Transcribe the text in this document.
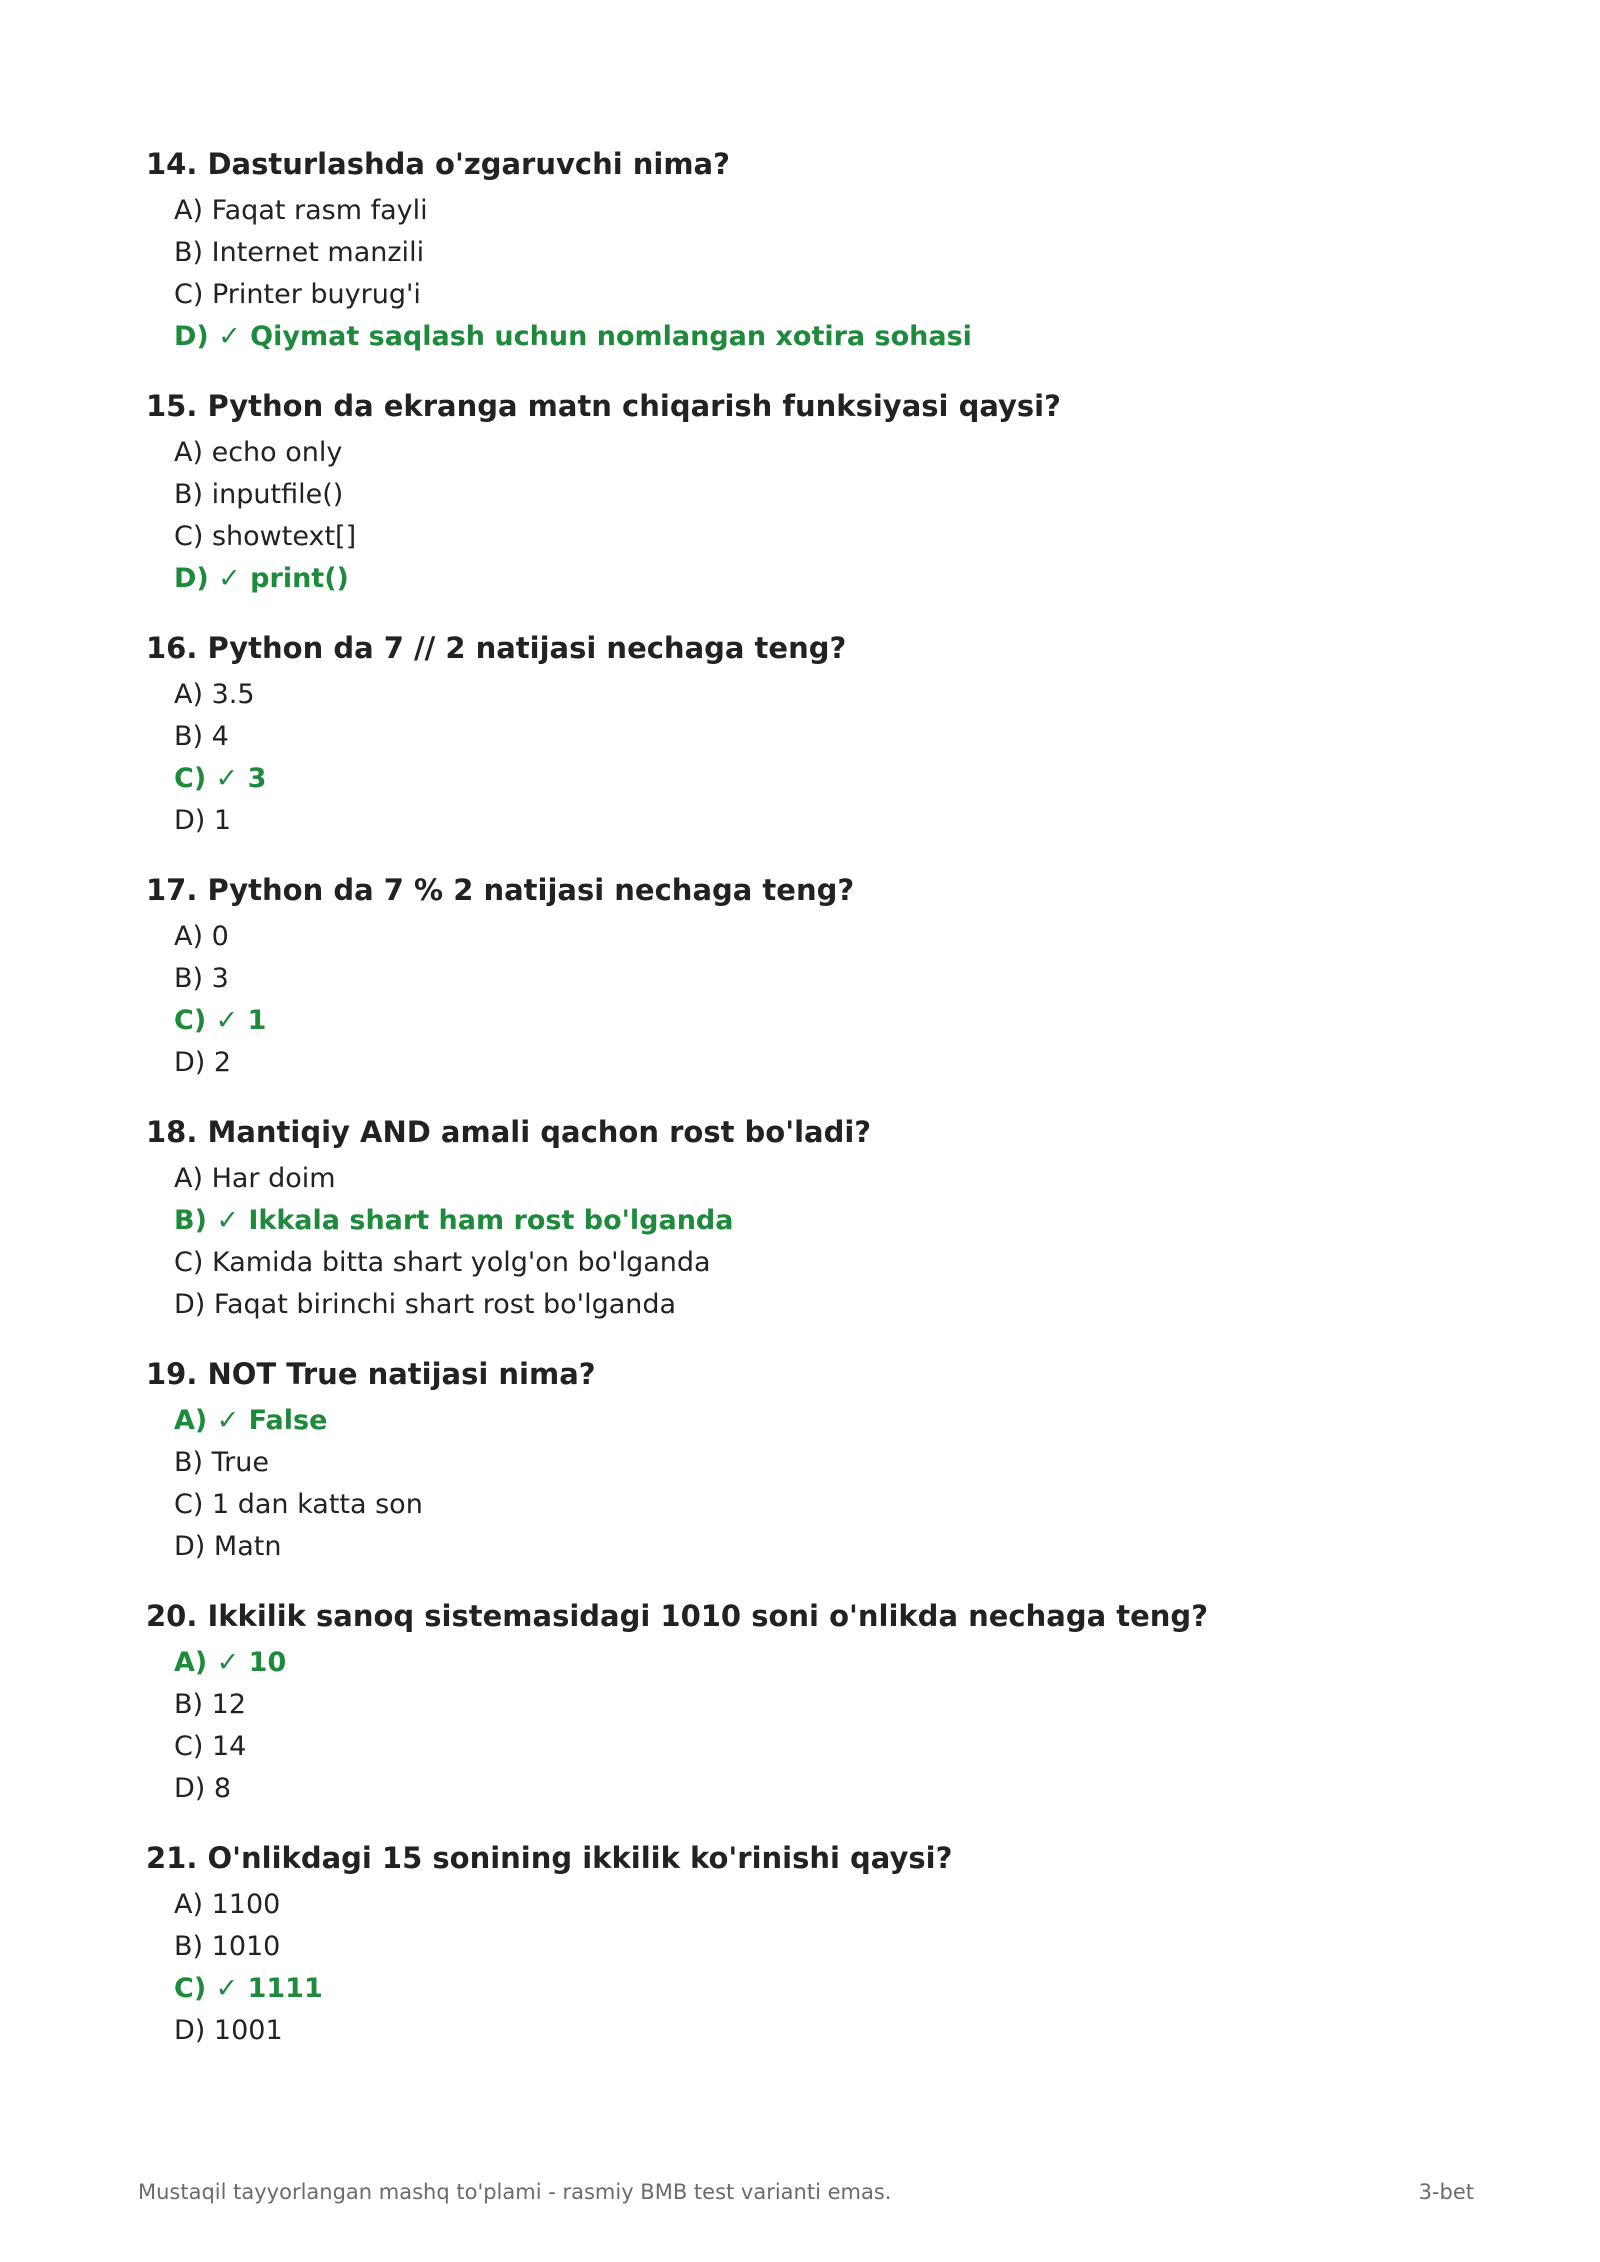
14. Dasturlashda o'zgaruvchi nima?
A) Faqat rasm fayli
B) Internet manzili
C) Printer buyrug'i
D) ✓ Qiymat saqlash uchun nomlangan xotira sohasi
15. Python da ekranga matn chiqarish funksiyasi qaysi?
A) echo only
B) inputfile()
C) showtext[]
D) ✓ print()
16. Python da 7 // 2 natijasi nechaga teng?
A) 3.5
B) 4
C) ✓ 3
D) 1
17. Python da 7 % 2 natijasi nechaga teng?
A) 0
B) 3
C) ✓ 1
D) 2
18. Mantiqiy AND amali qachon rost bo'ladi?
A) Har doim
B) ✓ Ikkala shart ham rost bo'lganda
C) Kamida bitta shart yolg'on bo'lganda
D) Faqat birinchi shart rost bo'lganda
19. NOT True natijasi nima?
A) ✓ False
B) True
C) 1 dan katta son
D) Matn
20. Ikkilik sanoq sistemasidagi 1010 soni o'nlikda nechaga teng?
A) ✓ 10
B) 12
C) 14
D) 8
21. O'nlikdagi 15 sonining ikkilik ko'rinishi qaysi?
A) 1100
B) 1010
C) ✓ 1111
D) 1001
Mustaqil tayyorlangan mashq to'plami - rasmiy BMB test varianti emas.	3-bet
